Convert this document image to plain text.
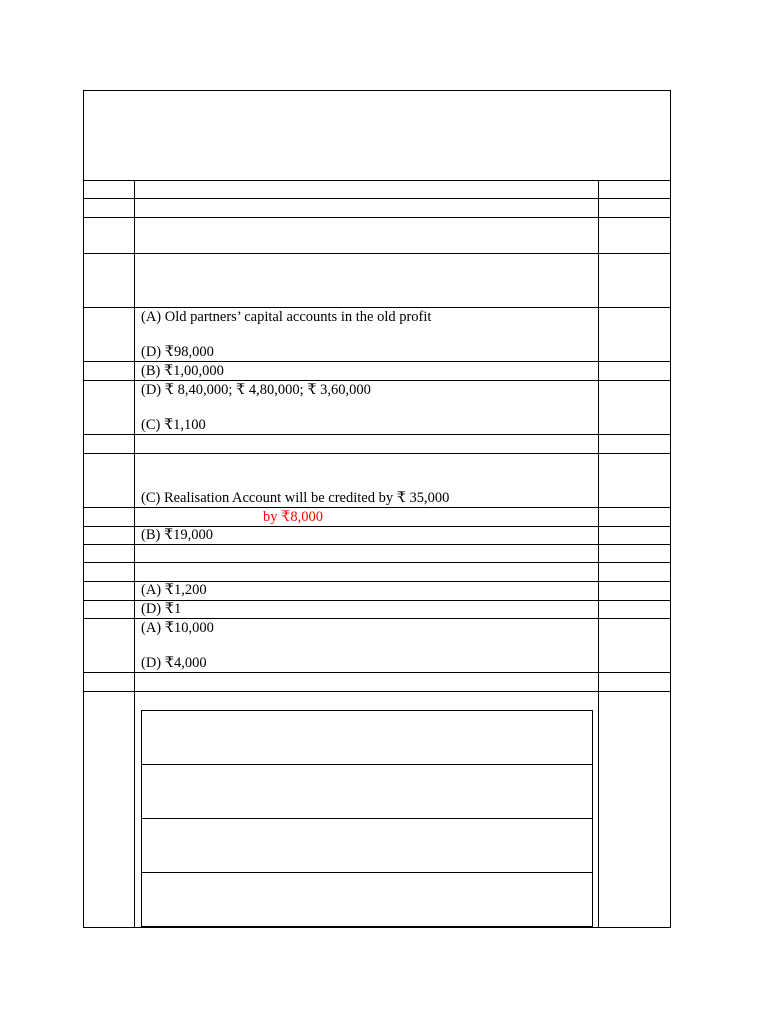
(A) Old partners’ capital accounts in the old profit
(D) ₹98,000
(B) ₹1,00,000
(D) ₹ 8,40,000; ₹ 4,80,000; ₹ 3,60,000
(C) ₹1,100
(C) Realisation Account will be credited by ₹ 35,000
by ₹8,000
(B) ₹19,000
(A) ₹1,200
(D) ₹1
(A) ₹10,000
(D) ₹4,000
